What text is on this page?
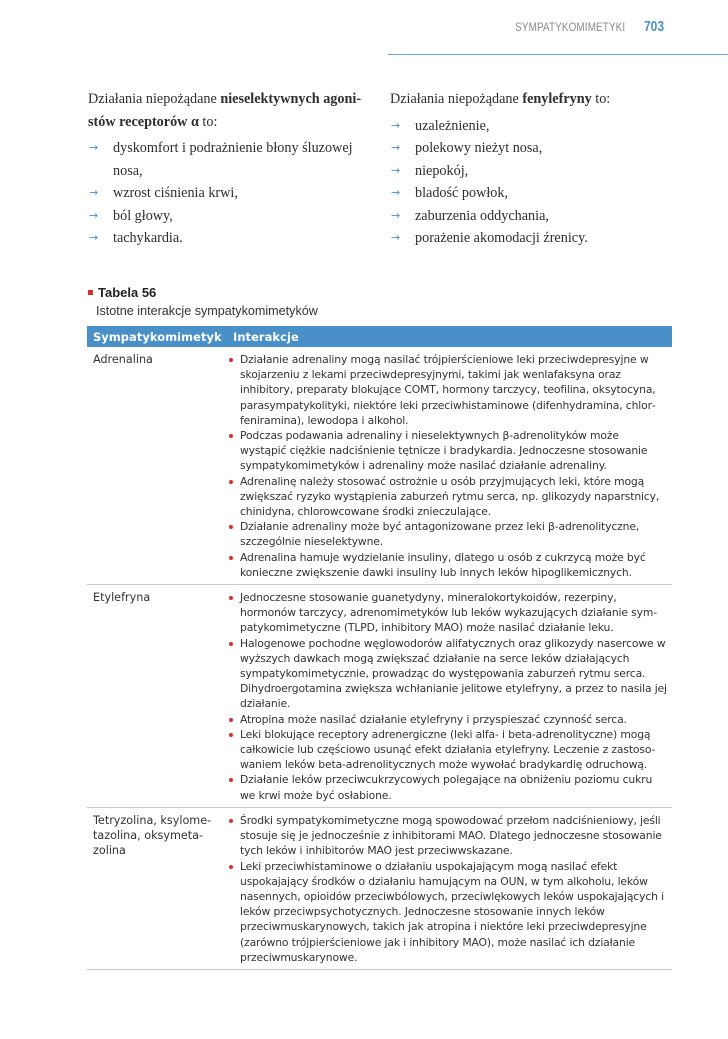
SYMPATYKOMIMETYKI 703

Działania niepożądane nieselektywnych agonistów receptorów α to:

→ dyskomfort i podrażnienie błony śluzowej nosa,
→ wzrost ciśnienia krwi,
→ ból głowy,
→ tachykardia.

Działania niepożądane fenylefryny to:

→ uzależnienie,
→ polekowy nieżyt nosa,
→ niepokój,
→ bladość powłok,
→ zaburzenia oddychania,
→ porażenie akomodacji źrenicy.
Tabela 56
Istotne interakcje sympatykomimetyków
Sympatykomimetyk Interakcje
Adrenalina	Działanie adrenaliny mogą nasilać trójpierścieniowe leki przeciwdepresyjne w skojarzeniu z lekami przeciwdepresyjnymi, takimi jak wenlafaksyna oraz inhibitory, preparaty blokujące COMT, hormony tarczycy, teofilina, oksytocyna, parasympatykolityki, niektóre leki przeciwhistaminowe (difenhydramina, chlorfeniramina), lewodopa i alkohol.
Podczas podawania adrenaliny i nieselektywnych β-adrenolityków może wystąpić ciężkie nadciśnienie tętnicze i bradykardia. Jednoczesne stosowanie sympatykomimetyków i adrenaliny może nasilać działanie adrenaliny.
Adrenalinę należy stosować ostrożnie u osób przyjmujących leki, które mogą zwiększać ryzyko wystąpienia zaburzeń rytmu serca, np. glikozydy naparstnicy, chinidyna, chlorowcowane środki znieczulające.
Działanie adrenaliny może być antagonizowane przez leki β-adrenolityczne, szczególnie nieselektywne.
Adrenalina hamuje wydzielanie insuliny, dlatego u osób z cukrzycą może być konieczne zwiększenie dawki insuliny lub innych leków hipoglikemicznych.
Etylefryna	Jednoczesne stosowanie guanetydyny, mineralokortykoidów, rezerpiny, hormonów tarczycy, adrenomimetyków lub leków wykazujących działanie sympatykomimetyczne (TLPD, inhibitory MAO) może nasilać działanie leku.
Halogenowe pochodne węglowodorów alifatycznych oraz glikozydy nasercowe w wyższych dawkach mogą zwiększać działanie na serce leków działających sympatykomimetycznie, prowadząc do występowania zaburzeń rytmu serca. Dihydroergotamina zwiększa wchłanianie jelitowe etylefryny, a przez to nasila jej działanie.
Atropina może nasilać działanie etylefryny i przyspieszać czynność serca.
Leki blokujące receptory adrenergiczne (leki alfa- i beta-adrenolityczne) mogą całkowicie lub częściowo usunąć efekt działania etylefryny. Leczenie z zastosowaniem leków beta-adrenolitycznych może wywołać bradykardię odruchową.
Działanie leków przeciwcukrzycowych polegające na obniżeniu poziomu cukru we krwi może być osłabione.
Tetryzolina, ksylometazolina, oksymetazolina
Środki sympatykomimetyczne mogą spowodować przełom nadciśnieniowy, jeśli stosuje się je jednocześnie z inhibitorami MAO. Dlatego jednoczesne stosowanie tych leków i inhibitorów MAO jest przeciwwskazane.
Leki przeciwhistaminowe o działaniu uspokajającym mogą nasilać efekt uspokajający środków o działaniu hamującym na OUN, w tym alkoholu, leków nasennych, opioidów przeciwbólowych, przeciwlękowych leków uspokajających i leków przeciwpsychotycznych. Jednoczesne stosowanie innych leków przeciwmuskarynowych, takich jak atropina i niektóre leki przeciwdepresyjne (zarówno trójpierścieniowe jak i inhibitory MAO), może nasilać ich działanie przeciwmuskarynowe.
